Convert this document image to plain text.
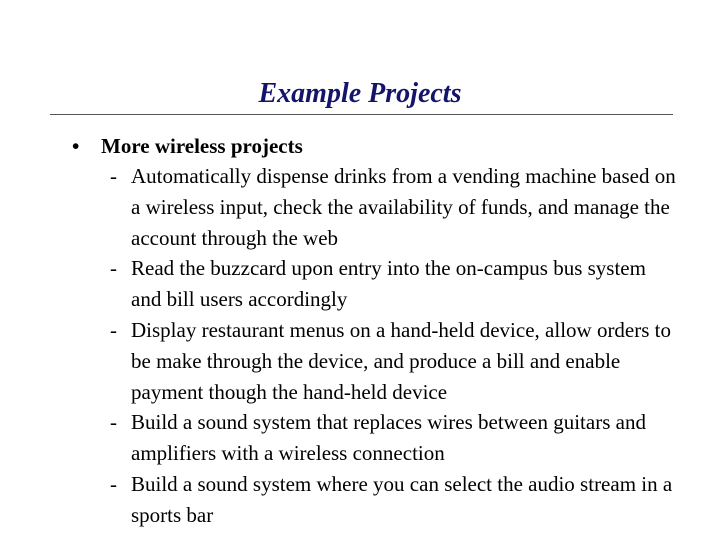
Example Projects
• More wireless projects
- Automatically dispense drinks from a vending machine based on a wireless input, check the availability of funds, and manage the account through the web
- Read the buzzcard upon entry into the on-campus bus system and bill users accordingly
- Display restaurant menus on a hand-held device, allow orders to be make through the device, and produce a bill and enable payment though the hand-held device
- Build a sound system that replaces wires between guitars and amplifiers with a wireless connection
- Build a sound system where you can select the audio stream in a sports bar
